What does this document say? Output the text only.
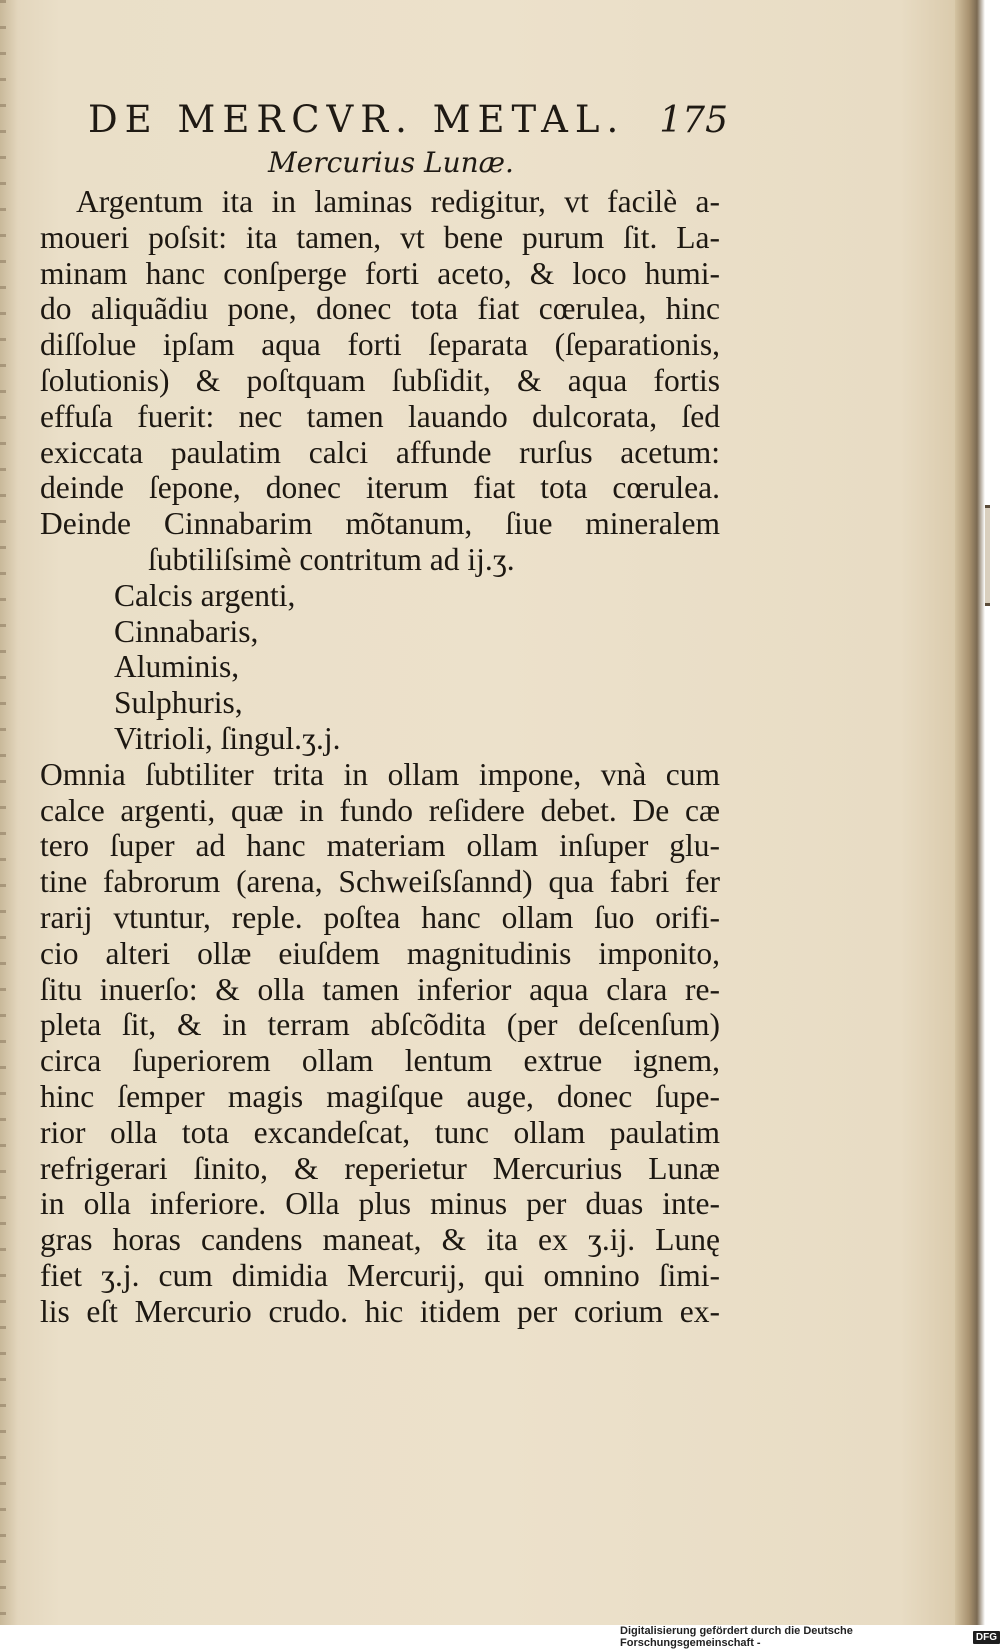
DE MERCVR. METAL. 175
Mercurius Lunæ.
Argentum ita in laminas redigitur, vt facilè a-
moueri poſsit: ita tamen, vt bene purum ſit. La-
minam hanc conſperge forti aceto, & loco humi-
do aliquãdiu pone, donec tota fiat cœrulea, hinc
diſſolue ipſam aqua forti ſeparata (ſeparationis,
ſolutionis) & poſtquam ſubſidit, & aqua fortis
effuſa fuerit: nec tamen lauando dulcorata, ſed
exiccata paulatim calci affunde rurſus acetum:
deinde ſepone, donec iterum fiat tota cœrulea.
Deinde Cinnabarim mõtanum, ſiue mineralem
ſubtiliſsimè contritum ad ij.ʒ.
Calcis argenti,
Cinnabaris,
Aluminis,
Sulphuris,
Vitrioli, ſingul.ʒ.j.
Omnia ſubtiliter trita in ollam impone, vnà cum
calce argenti, quæ in fundo reſidere debet. De cæ
tero ſuper ad hanc materiam ollam inſuper glu-
tine fabrorum (arena, Schweiſsſannd) qua fabri fer
rarij vtuntur, reple. poſtea hanc ollam ſuo orifi-
cio alteri ollæ eiuſdem magnitudinis imponito,
ſitu inuerſo: & olla tamen inferior aqua clara re-
pleta ſit, & in terram abſcõdita (per deſcenſum)
circa ſuperiorem ollam lentum extrue ignem,
hinc ſemper magis magiſque auge, donec ſupe-
rior olla tota excandeſcat, tunc ollam paulatim
refrigerari ſinito, & reperietur Mercurius Lunæ
in olla inferiore. Olla plus minus per duas inte-
gras horas candens maneat, & ita ex ʒ.ij. Lunę
fiet ʒ.j. cum dimidia Mercurij, qui omnino ſimi-
lis eſt Mercurio crudo. hic itidem per corium ex-
Digitalisierung gefördert durch die Deutsche Forschungsgemeinschaft -	DFG
